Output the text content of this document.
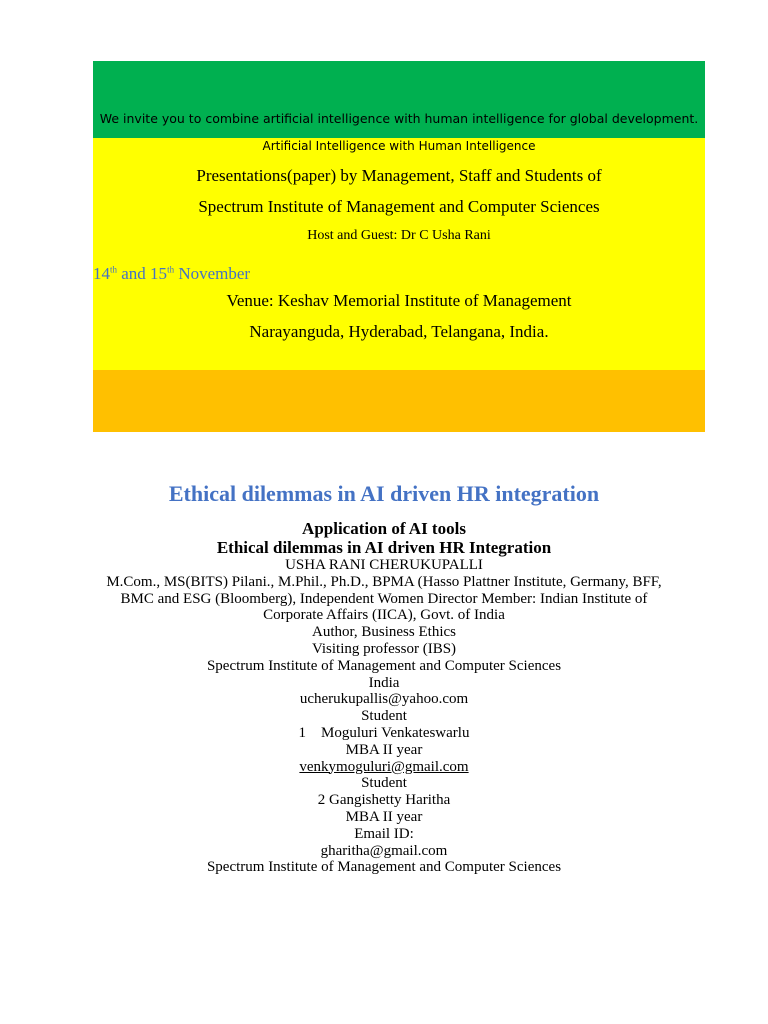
We invite you to combine artificial intelligence with human intelligence for global development.
Artificial Intelligence with Human Intelligence
Presentations(paper) by Management, Staff and Students of
Spectrum Institute of Management and Computer Sciences
Host and Guest: Dr C Usha Rani
14th and 15th November
Venue: Keshav Memorial Institute of Management
Narayanguda, Hyderabad, Telangana, India.
Ethical dilemmas in AI driven HR integration
Application of AI tools
Ethical dilemmas in AI driven HR Integration
USHA RANI CHERUKUPALLI
M.Com., MS(BITS) Pilani., M.Phil., Ph.D., BPMA (Hasso Plattner Institute, Germany, BFF,
BMC and ESG (Bloomberg), Independent Women Director Member: Indian Institute of
Corporate Affairs (IICA), Govt. of India
Author, Business Ethics
Visiting professor (IBS)
Spectrum Institute of Management and Computer Sciences
India
ucherukupallis@yahoo.com
Student
1    Moguluri Venkateswarlu
MBA II year
venkymoguluri@gmail.com
Student
2 Gangishetty Haritha
MBA II year
Email ID:
gharitha@gmail.com
Spectrum Institute of Management and Computer Sciences
